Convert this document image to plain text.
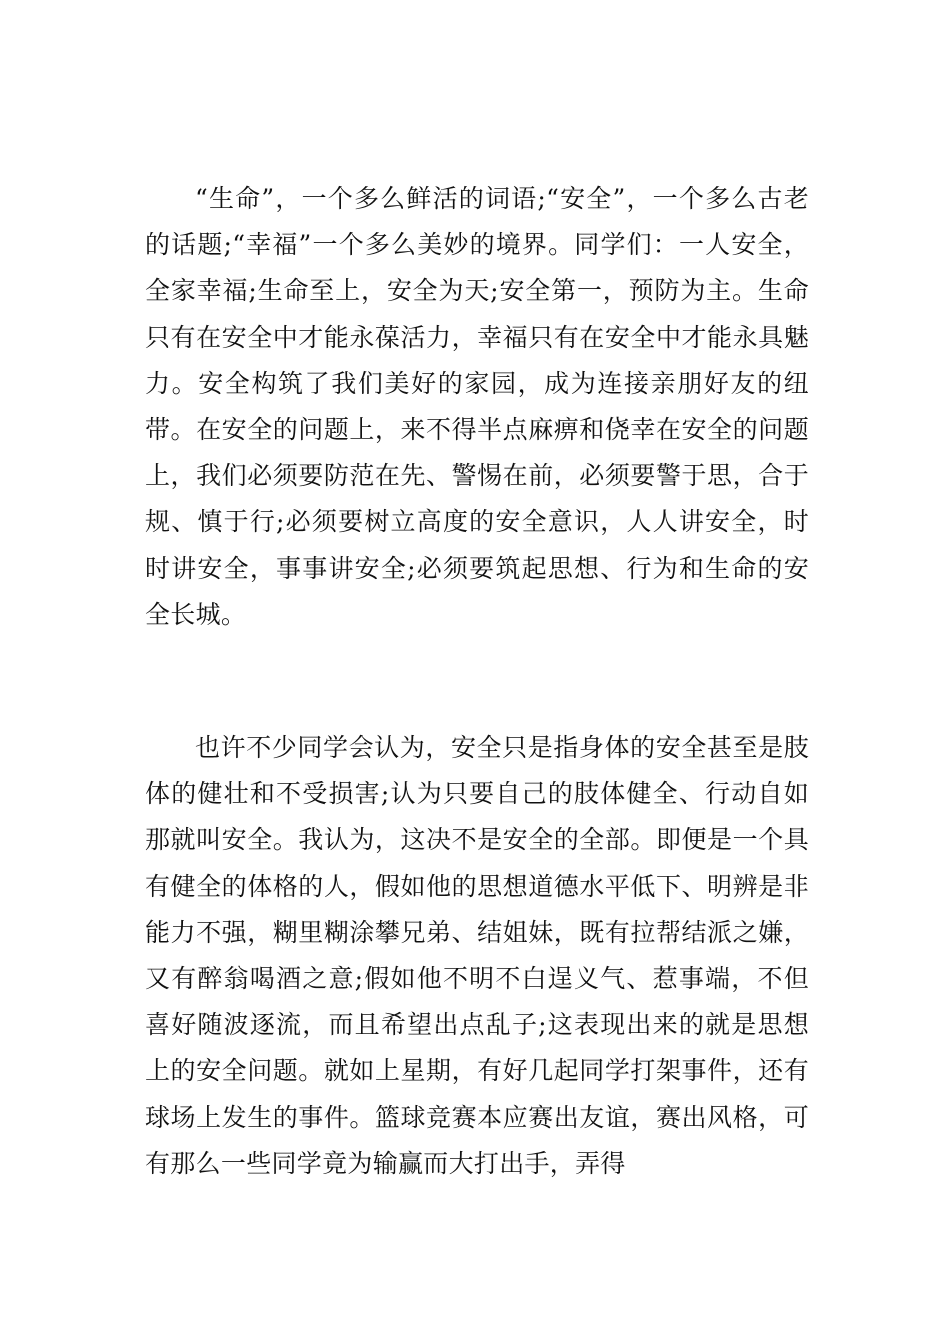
“生命”，一个多么鲜活的词语;“安全”，一个多么古老的话题;“幸福”一个多么美妙的境界。同学们：一人安全，全家幸福;生命至上，安全为天;安全第一，预防为主。生命只有在安全中才能永葆活力，幸福只有在安全中才能永具魅力。安全构筑了我们美好的家园，成为连接亲朋好友的纽带。在安全的问题上，来不得半点麻痹和侥幸在安全的问题上，我们必须要防范在先、警惕在前，必须要警于思，合于规、慎于行;必须要树立高度的安全意识，人人讲安全，时时讲安全，事事讲安全;必须要筑起思想、行为和生命的安全长城。

也许不少同学会认为，安全只是指身体的安全甚至是肢体的健壮和不受损害;认为只要自己的肢体健全、行动自如那就叫安全。我认为，这决不是安全的全部。即便是一个具有健全的体格的人，假如他的思想道德水平低下、明辨是非能力不强，糊里糊涂攀兄弟、结姐妹，既有拉帮结派之嫌，又有醉翁喝酒之意;假如他不明不白逞义气、惹事端，不但喜好随波逐流，而且希望出点乱子;这表现出来的就是思想上的安全问题。就如上星期，有好几起同学打架事件，还有球场上发生的事件。篮球竞赛本应赛出友谊，赛出风格，可有那么一些同学竟为输赢而大打出手，弄得
